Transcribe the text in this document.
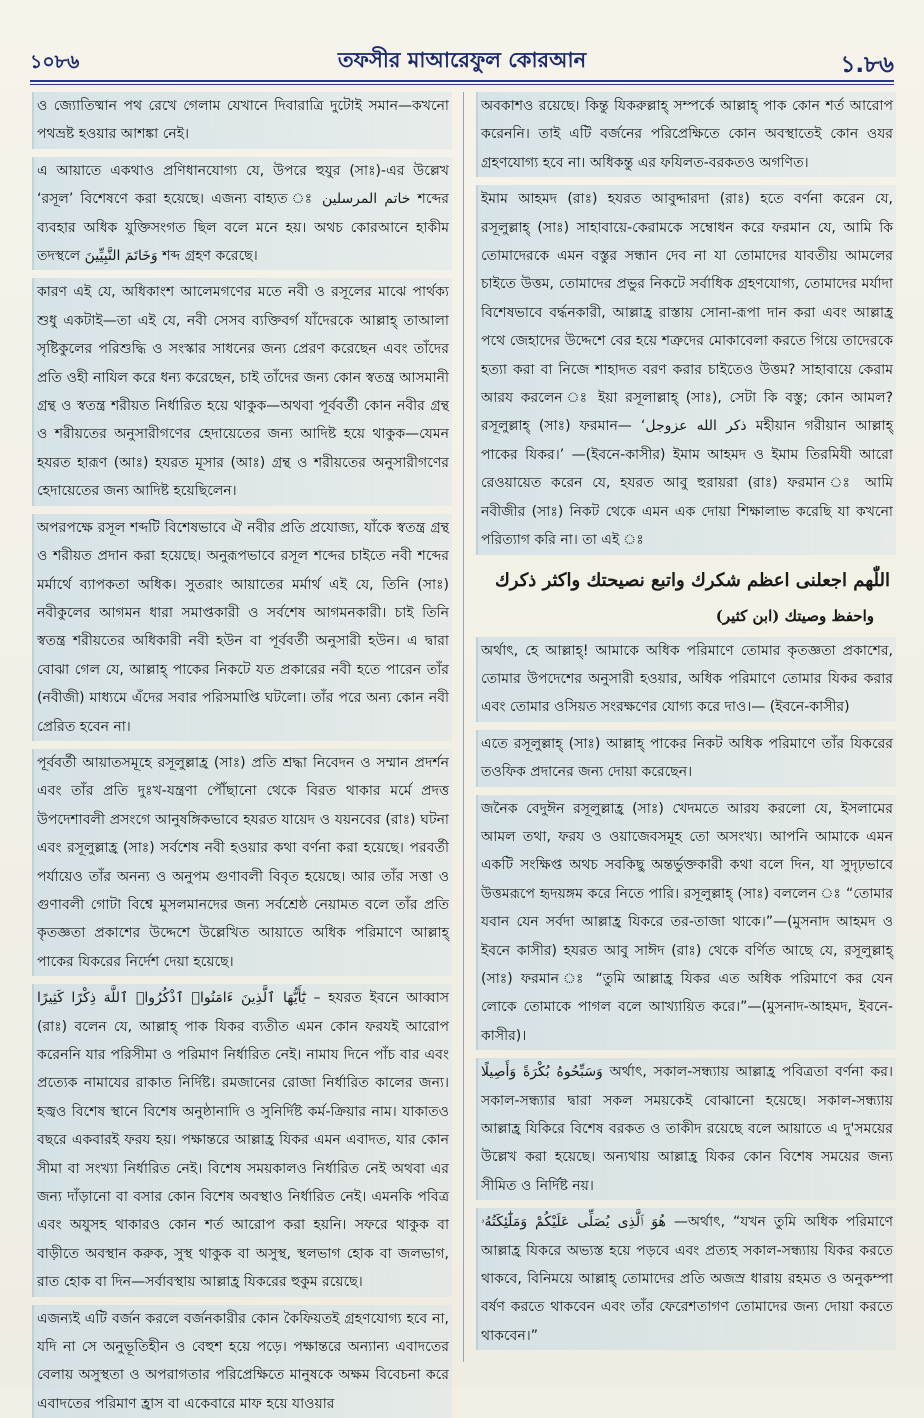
১০৮৬	তফসীর মাআরেফুল কোরআন	১.৮৬

ও জ্যোতিষ্মান পথ রেখে গেলাম যেখানে দিবারাত্রি দুটোই সমান—কখনো পথভ্রষ্ট হওয়ার আশঙ্কা নেই।

এ আয়াতে একথাও প্রণিধানযোগ্য যে, উপরে হুযুর (সাঃ)-এর উল্লেখ ‘রসূল’ বিশেষণে করা হয়েছে। এজন্য বাহ্যত ঃ خاتم المرسلين শব্দের ব্যবহার অধিক যুক্তিসংগত ছিল বলে মনে হয়। অথচ কোরআনে হাকীম তদস্থলে وَخَاتَمَ النَّبِيِّينَ শব্দ গ্রহণ করেছে।

কারণ এই যে, অধিকাংশ আলেমগণের মতে নবী ও রসূলের মাঝে পার্থক্য শুধু একটাই—তা এই যে, নবী সেসব ব্যক্তিবর্গ যাঁদেরকে আল্লাহ্ তাআলা সৃষ্টিকুলের পরিশুদ্ধি ও সংস্কার সাধনের জন্য প্রেরণ করেছেন এবং তাঁদের প্রতি ওহী নাযিল করে ধন্য করেছেন, চাই তাঁদের জন্য কোন স্বতন্ত্র আসমানী গ্রন্থ ও স্বতন্ত্র শরীয়ত নির্ধারিত হয়ে থাকুক—অথবা পূর্ববর্তী কোন নবীর গ্রন্থ ও শরীয়তের অনুসারীগণের হেদায়েতের জন্য আদিষ্ট হয়ে থাকুক—যেমন হযরত হারূণ (আঃ) হযরত মূসার (আঃ) গ্রন্থ ও শরীয়তের অনুসারীগণের হেদায়েতের জন্য আদিষ্ট হয়েছিলেন।

অপরপক্ষে রসূল শব্দটি বিশেষভাবে ঐ নবীর প্রতি প্রযোজ্য, যাঁকে স্বতন্ত্র গ্রন্থ ও শরীয়ত প্রদান করা হয়েছে। অনুরূপভাবে রসূল শব্দের চাইতে নবী শব্দের মর্মার্থে ব্যাপকতা অধিক। সুতরাং আয়াতের মর্মার্থ এই যে, তিনি (সাঃ) নবীকুলের আগমন ধারা সমাপ্তকারী ও সর্বশেষ আগমনকারী। চাই তিনি স্বতন্ত্র শরীয়তের অধিকারী নবী হউন বা পূর্ববর্তী অনুসারী হউন। এ দ্বারা বোঝা গেল যে, আল্লাহ্ পাকের নিকটে যত প্রকারের নবী হতে পারেন তাঁর (নবীজী) মাধ্যমে এঁদের সবার পরিসমাপ্তি ঘটলো। তাঁর পরে অন্য কোন নবী প্রেরিত হবেন না।

পূর্ববর্তী আয়াতসমূহে রসূলুল্লাহ্র (সাঃ) প্রতি শ্রদ্ধা নিবেদন ও সম্মান প্রদর্শন এবং তাঁর প্রতি দুঃখ-যন্ত্রণা পৌঁছানো থেকে বিরত থাকার মর্মে প্রদত্ত উপদেশাবলী প্রসংগে আনুষঙ্গিকভাবে হযরত যায়েদ ও যয়নবের (রাঃ) ঘটনা এবং রসূলুল্লাহ্র (সাঃ) সর্বশেষ নবী হওয়ার কথা বর্ণনা করা হয়েছে। পরবর্তী পর্যায়েও তাঁর অনন্য ও অনুপম গুণাবলী বিবৃত হয়েছে। আর তাঁর সত্তা ও গুণাবলী গোটা বিশ্বে মুসলমানদের জন্য সর্বশ্রেষ্ঠ নেয়ামত বলে তাঁর প্রতি কৃতজ্ঞতা প্রকাশের উদ্দেশে উল্লেখিত আয়াতে অধিক পরিমাণে আল্লাহ্ পাকের যিকরের নির্দেশ দেয়া হয়েছে।

يَٰٓأَيُّهَا ٱلَّذِينَ ءَامَنُوا۟ ٱذْكُرُوا۟ ٱللَّهَ ذِكْرًا كَثِيرًا – হযরত ইবনে আব্বাস (রাঃ) বলেন যে, আল্লাহ্ পাক যিকর ব্যতীত এমন কোন ফরযই আরোপ করেননি যার পরিসীমা ও পরিমাণ নির্ধারিত নেই। নামায দিনে পাঁচ বার এবং প্রত্যেক নামাযের রাকাত নির্দিষ্ট। রমজানের রোজা নির্ধারিত কালের জন্য। হজ্বও বিশেষ স্থানে বিশেষ অনুষ্ঠানাদি ও সুনির্দিষ্ট কর্ম-ক্রিয়ার নাম। যাকাতও বছরে একবারই ফরয হয়। পক্ষান্তরে আল্লাহ্র যিকর এমন এবাদত, যার কোন সীমা বা সংখ্যা নির্ধারিত নেই। বিশেষ সময়কালও নির্ধারিত নেই অথবা এর জন্য দাঁড়ানো বা বসার কোন বিশেষ অবস্থাও নির্ধারিত নেই। এমনকি পবিত্র এবং অযুসহ থাকারও কোন শর্ত আরোপ করা হয়নি। সফরে থাকুক বা বাড়ীতে অবস্থান করুক, সুস্থ থাকুক বা অসুস্থ, স্থলভাগ হোক বা জলভাগ, রাত হোক বা দিন—সর্বাবস্থায় আল্লাহ্র যিকরের হুকুম রয়েছে।

এজন্যই এটি বর্জন করলে বর্জনকারীর কোন কৈফিয়তই গ্রহণযোগ্য হবে না, যদি না সে অনুভূতিহীন ও বেহুশ হয়ে পড়ে। পক্ষান্তরে অন্যান্য এবাদতের বেলায় অসুস্থতা ও অপরাগতার পরিপ্রেক্ষিতে মানুষকে অক্ষম বিবেচনা করে এবাদতের পরিমাণ হ্রাস বা একেবারে মাফ হয়ে যাওয়ার

অবকাশও রয়েছে। কিন্তু যিকরুল্লাহ্ সম্পর্কে আল্লাহ্ পাক কোন শর্ত আরোপ করেননি। তাই এটি বর্জনের পরিপ্রেক্ষিতে কোন অবস্থাতেই কোন ওযর গ্রহণযোগ্য হবে না। অধিকন্তু এর ফযিলত-বরকতও অগণিত।

ইমাম আহমদ (রাঃ) হযরত আবুদ্দারদা (রাঃ) হতে বর্ণনা করেন যে, রসূলুল্লাহ্ (সাঃ) সাহাবায়ে-কেরামকে সম্বোধন করে ফরমান যে, আমি কি তোমাদেরকে এমন বস্তুর সন্ধান দেব না যা তোমাদের যাবতীয় আমলের চাইতে উত্তম, তোমাদের প্রভুর নিকটে সর্বাধিক গ্রহণযোগ্য, তোমাদের মর্যাদা বিশেষভাবে বর্দ্ধনকারী, আল্লাহ্র রাস্তায় সোনা-রূপা দান করা এবং আল্লাহ্র পথে জেহাদের উদ্দেশে বের হয়ে শত্রুদের মোকাবেলা করতে গিয়ে তাদেরকে হত্যা করা বা নিজে শাহাদত বরণ করার চাইতেও উত্তম? সাহাবায়ে কেরাম আরয করলেন ঃ ইয়া রসূলাল্লাহ্ (সাঃ), সেটা কি বস্তু; কোন আমল? রসূলুল্লাহ্ (সাঃ) ফরমান— ‘ذكر الله عزوجل মহীয়ান গরীয়ান আল্লাহ্ পাকের যিকর।’ —(ইবনে-কাসীর) ইমাম আহমদ ও ইমাম তিরমিযী আরো রেওয়ায়েত করেন যে, হযরত আবু হুরায়রা (রাঃ) ফরমান ঃ আমি নবীজীর (সাঃ) নিকট থেকে এমন এক দোয়া শিক্ষালাভ করেছি যা কখনো পরিত্যাগ করি না। তা এই ঃ

اللّٰهم اجعلنى اعظم شكرك واتبع نصيحتك واكثر ذكرك
واحفظ وصيتك (ابن كثير)

অর্থাৎ, হে আল্লাহ্! আমাকে অধিক পরিমাণে তোমার কৃতজ্ঞতা প্রকাশের, তোমার উপদেশের অনুসারী হওয়ার, অধিক পরিমাণে তোমার যিকর করার এবং তোমার ওসিয়ত সংরক্ষণের যোগ্য করে দাও।— (ইবনে-কাসীর)

এতে রসূলুল্লাহ্ (সাঃ) আল্লাহ্ পাকের নিকট অধিক পরিমাণে তাঁর যিকরের তওফিক প্রদানের জন্য দোয়া করেছেন।

জনৈক বেদুঈন রসূলুল্লাহ্র (সাঃ) খেদমতে আরয করলো যে, ইসলামের আমল তথা, ফরয ও ওয়াজেবসমূহ তো অসংখ্য। আপনি আমাকে এমন একটি সংক্ষিপ্ত অথচ সবকিছু অন্তর্ভুক্তকারী কথা বলে দিন, যা সুদৃঢ়ভাবে উত্তমরূপে হৃদয়ঙ্গম করে নিতে পারি। রসূলুল্লাহ্ (সাঃ) বললেন ঃ “তোমার যবান যেন সর্বদা আল্লাহ্র যিকরে তর-তাজা থাকে।”—(মুসনাদ আহমদ ও ইবনে কাসীর) হযরত আবু সাঈদ (রাঃ) থেকে বর্ণিত আছে যে, রসূলুল্লাহ্ (সাঃ) ফরমান ঃ “তুমি আল্লাহ্র যিকর এত অধিক পরিমাণে কর যেন লোকে তোমাকে পাগল বলে আখ্যায়িত করে।”—(মুসনাদ-আহমদ, ইবনে-কাসীর)।

وَسَبِّحُوهُ بُكْرَةً وَأَصِيلًا অর্থাৎ, সকাল-সন্ধ্যায় আল্লাহ্র পবিত্রতা বর্ণনা কর। সকাল-সন্ধ্যার দ্বারা সকল সময়কেই বোঝানো হয়েছে। সকাল-সন্ধ্যায় আল্লাহ্র যিকিরে বিশেষ বরকত ও তাকীদ রয়েছে বলে আয়াতে এ দু'সময়ের উল্লেখ করা হয়েছে। অন্যথায় আল্লাহ্র যিকর কোন বিশেষ সময়ের জন্য সীমিত ও নির্দিষ্ট নয়।

هُوَ ٱلَّذِى يُصَلِّى عَلَيْكُمْ وَمَلَٰٓئِكَتُهُۥ —অর্থাৎ, “যখন তুমি অধিক পরিমাণে আল্লাহ্র যিকরে অভ্যস্ত হয়ে পড়বে এবং প্রত্যহ সকাল-সন্ধ্যায় যিকর করতে থাকবে, বিনিময়ে আল্লাহ্ তোমাদের প্রতি অজস্র ধারায় রহমত ও অনুকম্পা বর্ষণ করতে থাকবেন এবং তাঁর ফেরেশতাগণ তোমাদের জন্য দোয়া করতে থাকবেন।”
